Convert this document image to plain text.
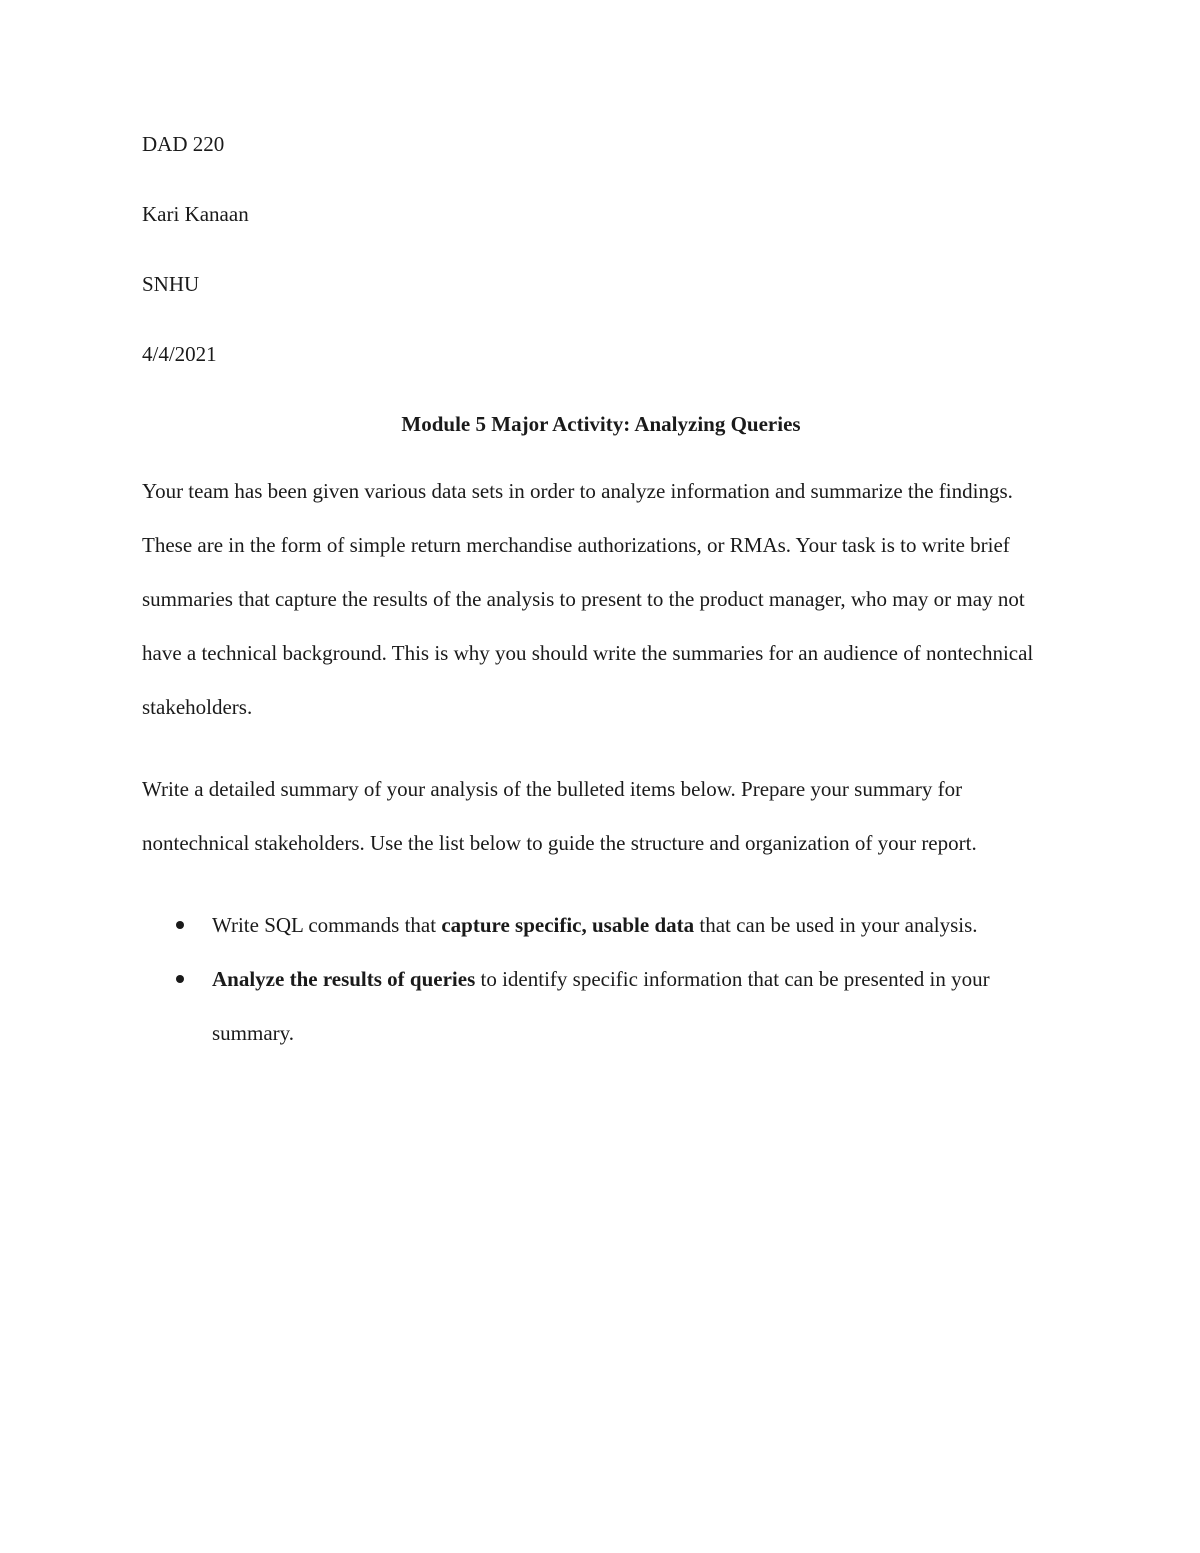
DAD 220

Kari Kanaan

SNHU

4/4/2021

Module 5 Major Activity: Analyzing Queries

Your team has been given various data sets in order to analyze information and summarize the findings. These are in the form of simple return merchandise authorizations, or RMAs. Your task is to write brief summaries that capture the results of the analysis to present to the product manager, who may or may not have a technical background. This is why you should write the summaries for an audience of nontechnical stakeholders.

Write a detailed summary of your analysis of the bulleted items below. Prepare your summary for nontechnical stakeholders. Use the list below to guide the structure and organization of your report.

Write SQL commands that capture specific, usable data that can be used in your analysis.
Analyze the results of queries to identify specific information that can be presented in your summary.
